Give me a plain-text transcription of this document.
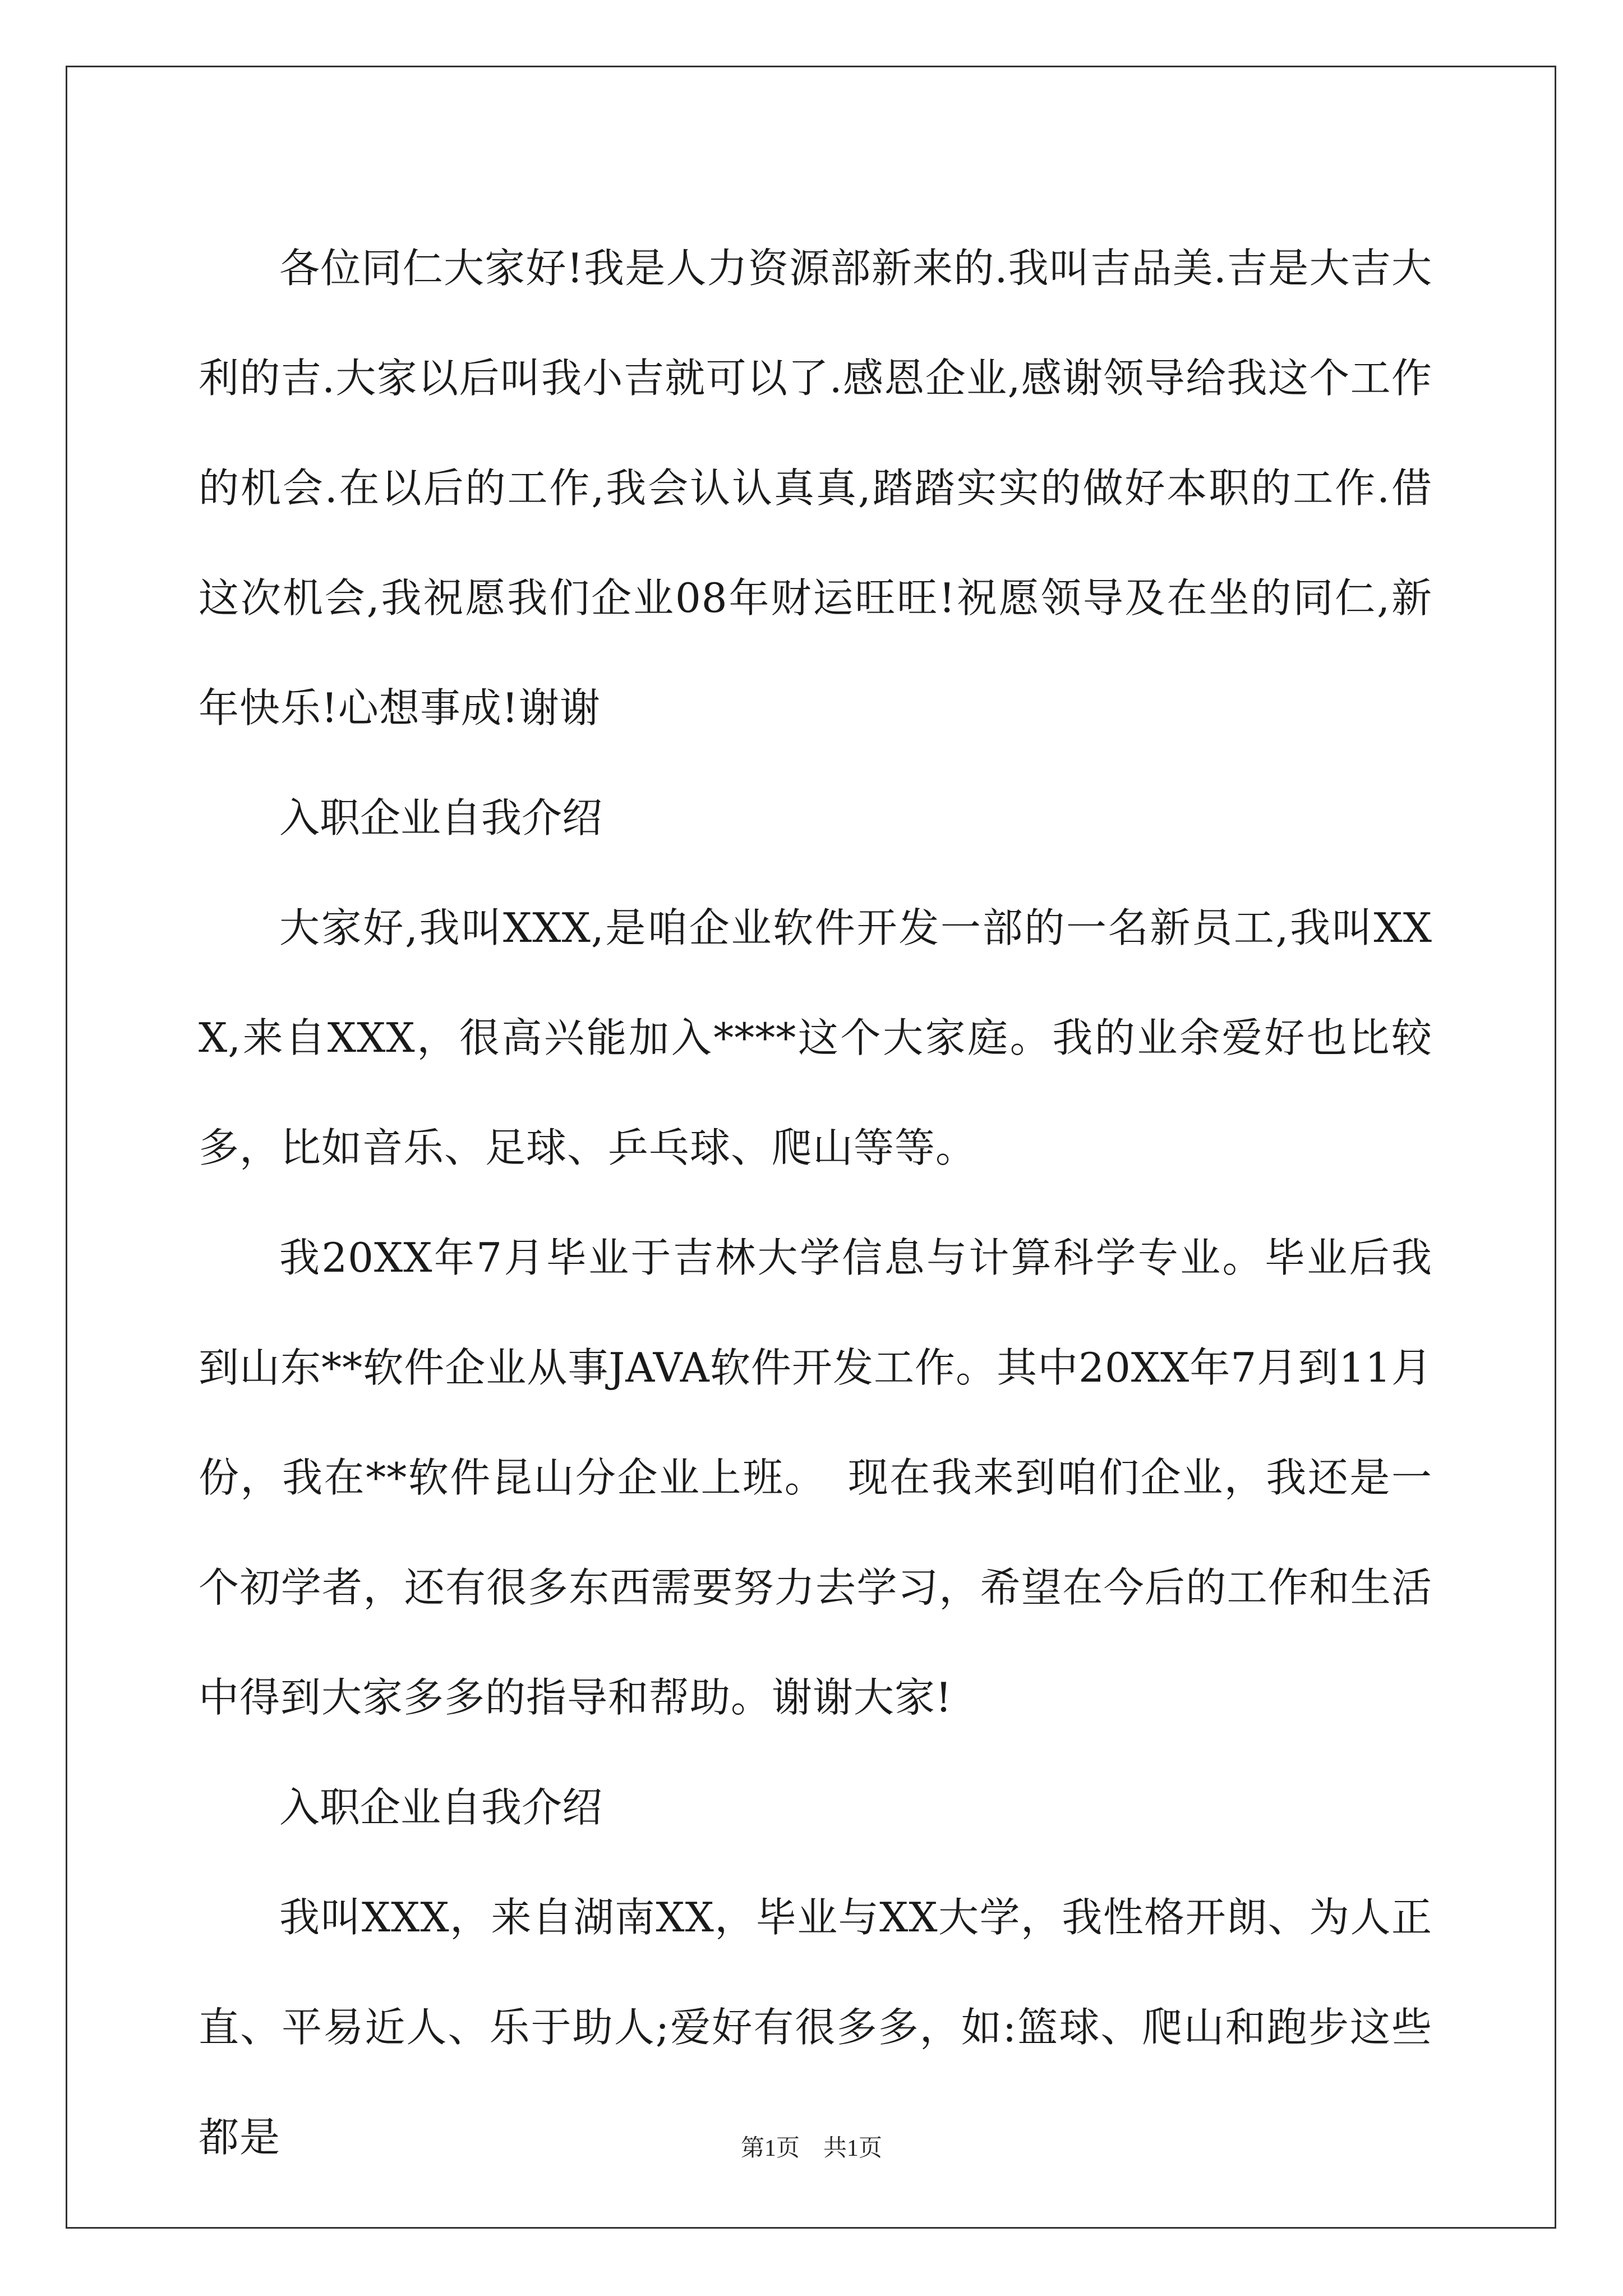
各位同仁大家好!我是人力资源部新来的.我叫吉品美.吉是大吉大利的吉.大家以后叫我小吉就可以了.感恩企业,感谢领导给我这个工作的机会.在以后的工作,我会认认真真,踏踏实实的做好本职的工作.借这次机会,我祝愿我们企业08年财运旺旺!祝愿领导及在坐的同仁,新年快乐!心想事成!谢谢

入职企业自我介绍

大家好,我叫XXX,是咱企业软件开发一部的一名新员工,我叫XXX,来自XXX，很高兴能加入****这个大家庭。我的业余爱好也比较多，比如音乐、足球、乒乓球、爬山等等。

我20XX年7月毕业于吉林大学信息与计算科学专业。毕业后我到山东**软件企业从事JAVA软件开发工作。其中20XX年7月到11月份，我在**软件昆山分企业上班。　现在我来到咱们企业，我还是一个初学者，还有很多东西需要努力去学习，希望在今后的工作和生活中得到大家多多的指导和帮助。谢谢大家!

入职企业自我介绍

我叫XXX，来自湖南XX，毕业与XX大学，我性格开朗、为人正直、平易近人、乐于助人;爱好有很多多，如:篮球、爬山和跑步这些都是	第1页　共1页
